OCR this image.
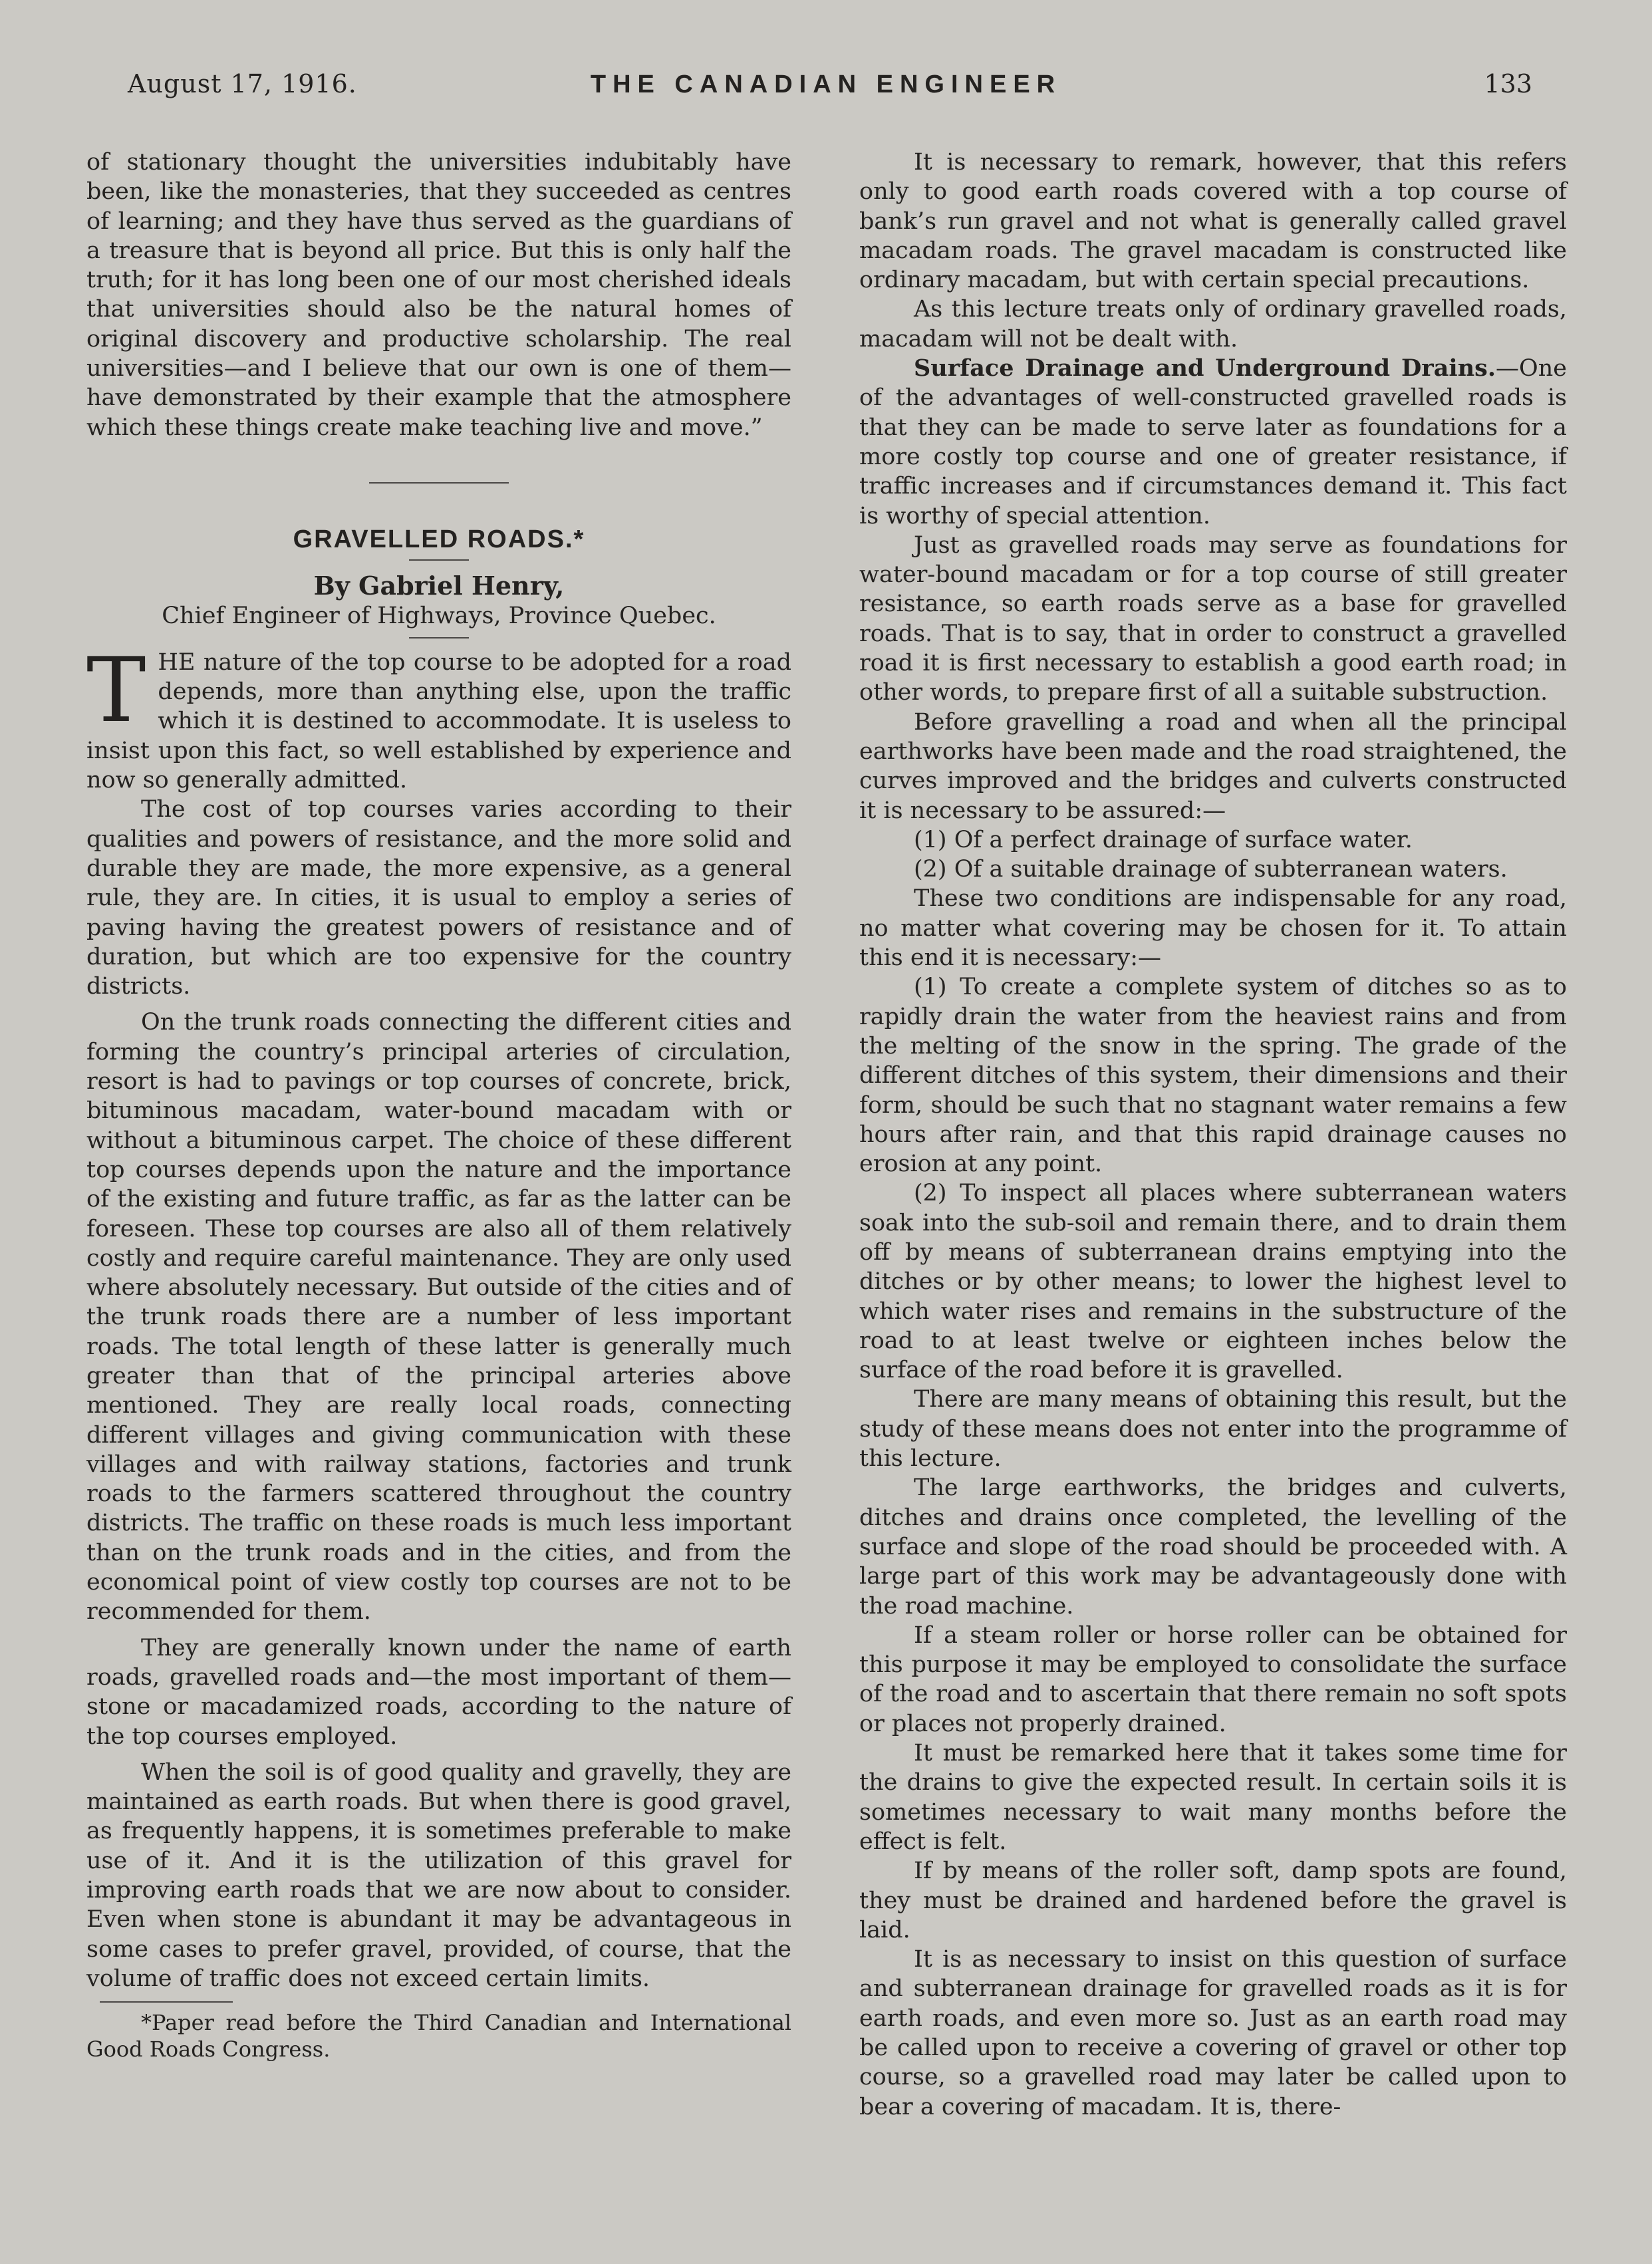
August 17, 1916.	THE CANADIAN ENGINEER	133

of stationary thought the universities indubitably have been, like the monasteries, that they succeeded as centres of learning; and they have thus served as the guardians of a treasure that is beyond all price. But this is only half the truth; for it has long been one of our most cherished ideals that universities should also be the natural homes of original discovery and productive scholarship. The real universities—and I believe that our own is one of them—have demonstrated by their example that the atmosphere which these things create make teaching live and move.”

GRAVELLED ROADS.*

By Gabriel Henry,

Chief Engineer of Highways, Province Quebec.

THE nature of the top course to be adopted for a road depends, more than anything else, upon the traffic which it is destined to accommodate. It is useless to insist upon this fact, so well established by experience and now so generally admitted.

The cost of top courses varies according to their qualities and powers of resistance, and the more solid and durable they are made, the more expensive, as a general rule, they are. In cities, it is usual to employ a series of paving having the greatest powers of resistance and of duration, but which are too expensive for the country districts.

On the trunk roads connecting the different cities and forming the country’s principal arteries of circulation, resort is had to pavings or top courses of concrete, brick, bituminous macadam, water-bound macadam with or without a bituminous carpet. The choice of these different top courses depends upon the nature and the importance of the existing and future traffic, as far as the latter can be foreseen. These top courses are also all of them relatively costly and require careful maintenance. They are only used where absolutely necessary. But outside of the cities and of the trunk roads there are a number of less important roads. The total length of these latter is generally much greater than that of the principal arteries above mentioned. They are really local roads, connecting different villages and giving communication with these villages and with railway stations, factories and trunk roads to the farmers scattered throughout the country districts. The traffic on these roads is much less important than on the trunk roads and in the cities, and from the economical point of view costly top courses are not to be recommended for them.

They are generally known under the name of earth roads, gravelled roads and—the most important of them—stone or macadamized roads, according to the nature of the top courses employed.

When the soil is of good quality and gravelly, they are maintained as earth roads. But when there is good gravel, as frequently happens, it is sometimes preferable to make use of it. And it is the utilization of this gravel for improving earth roads that we are now about to consider. Even when stone is abundant it may be advantageous in some cases to prefer gravel, provided, of course, that the volume of traffic does not exceed certain limits.

*Paper read before the Third Canadian and International Good Roads Congress.

It is necessary to remark, however, that this refers only to good earth roads covered with a top course of bank’s run gravel and not what is generally called gravel macadam roads. The gravel macadam is constructed like ordinary macadam, but with certain special precautions.

As this lecture treats only of ordinary gravelled roads, macadam will not be dealt with.

Surface Drainage and Underground Drains.—One of the advantages of well-constructed gravelled roads is that they can be made to serve later as foundations for a more costly top course and one of greater resistance, if traffic increases and if circumstances demand it. This fact is worthy of special attention.

Just as gravelled roads may serve as foundations for water-bound macadam or for a top course of still greater resistance, so earth roads serve as a base for gravelled roads. That is to say, that in order to construct a gravelled road it is first necessary to establish a good earth road; in other words, to prepare first of all a suitable substruction.

Before gravelling a road and when all the principal earthworks have been made and the road straightened, the curves improved and the bridges and culverts constructed it is necessary to be assured:—

(1) Of a perfect drainage of surface water.

(2) Of a suitable drainage of subterranean waters.

These two conditions are indispensable for any road, no matter what covering may be chosen for it. To attain this end it is necessary:—

(1) To create a complete system of ditches so as to rapidly drain the water from the heaviest rains and from the melting of the snow in the spring. The grade of the different ditches of this system, their dimensions and their form, should be such that no stagnant water remains a few hours after rain, and that this rapid drainage causes no erosion at any point.

(2) To inspect all places where subterranean waters soak into the sub-soil and remain there, and to drain them off by means of subterranean drains emptying into the ditches or by other means; to lower the highest level to which water rises and remains in the substructure of the road to at least twelve or eighteen inches below the surface of the road before it is gravelled.

There are many means of obtaining this result, but the study of these means does not enter into the programme of this lecture.

The large earthworks, the bridges and culverts, ditches and drains once completed, the levelling of the surface and slope of the road should be proceeded with. A large part of this work may be advantageously done with the road machine.

If a steam roller or horse roller can be obtained for this purpose it may be employed to consolidate the surface of the road and to ascertain that there remain no soft spots or places not properly drained.

It must be remarked here that it takes some time for the drains to give the expected result. In certain soils it is sometimes necessary to wait many months before the effect is felt.

If by means of the roller soft, damp spots are found, they must be drained and hardened before the gravel is laid.

It is as necessary to insist on this question of surface and subterranean drainage for gravelled roads as it is for earth roads, and even more so. Just as an earth road may be called upon to receive a covering of gravel or other top course, so a gravelled road may later be called upon to bear a covering of macadam. It is, there-
